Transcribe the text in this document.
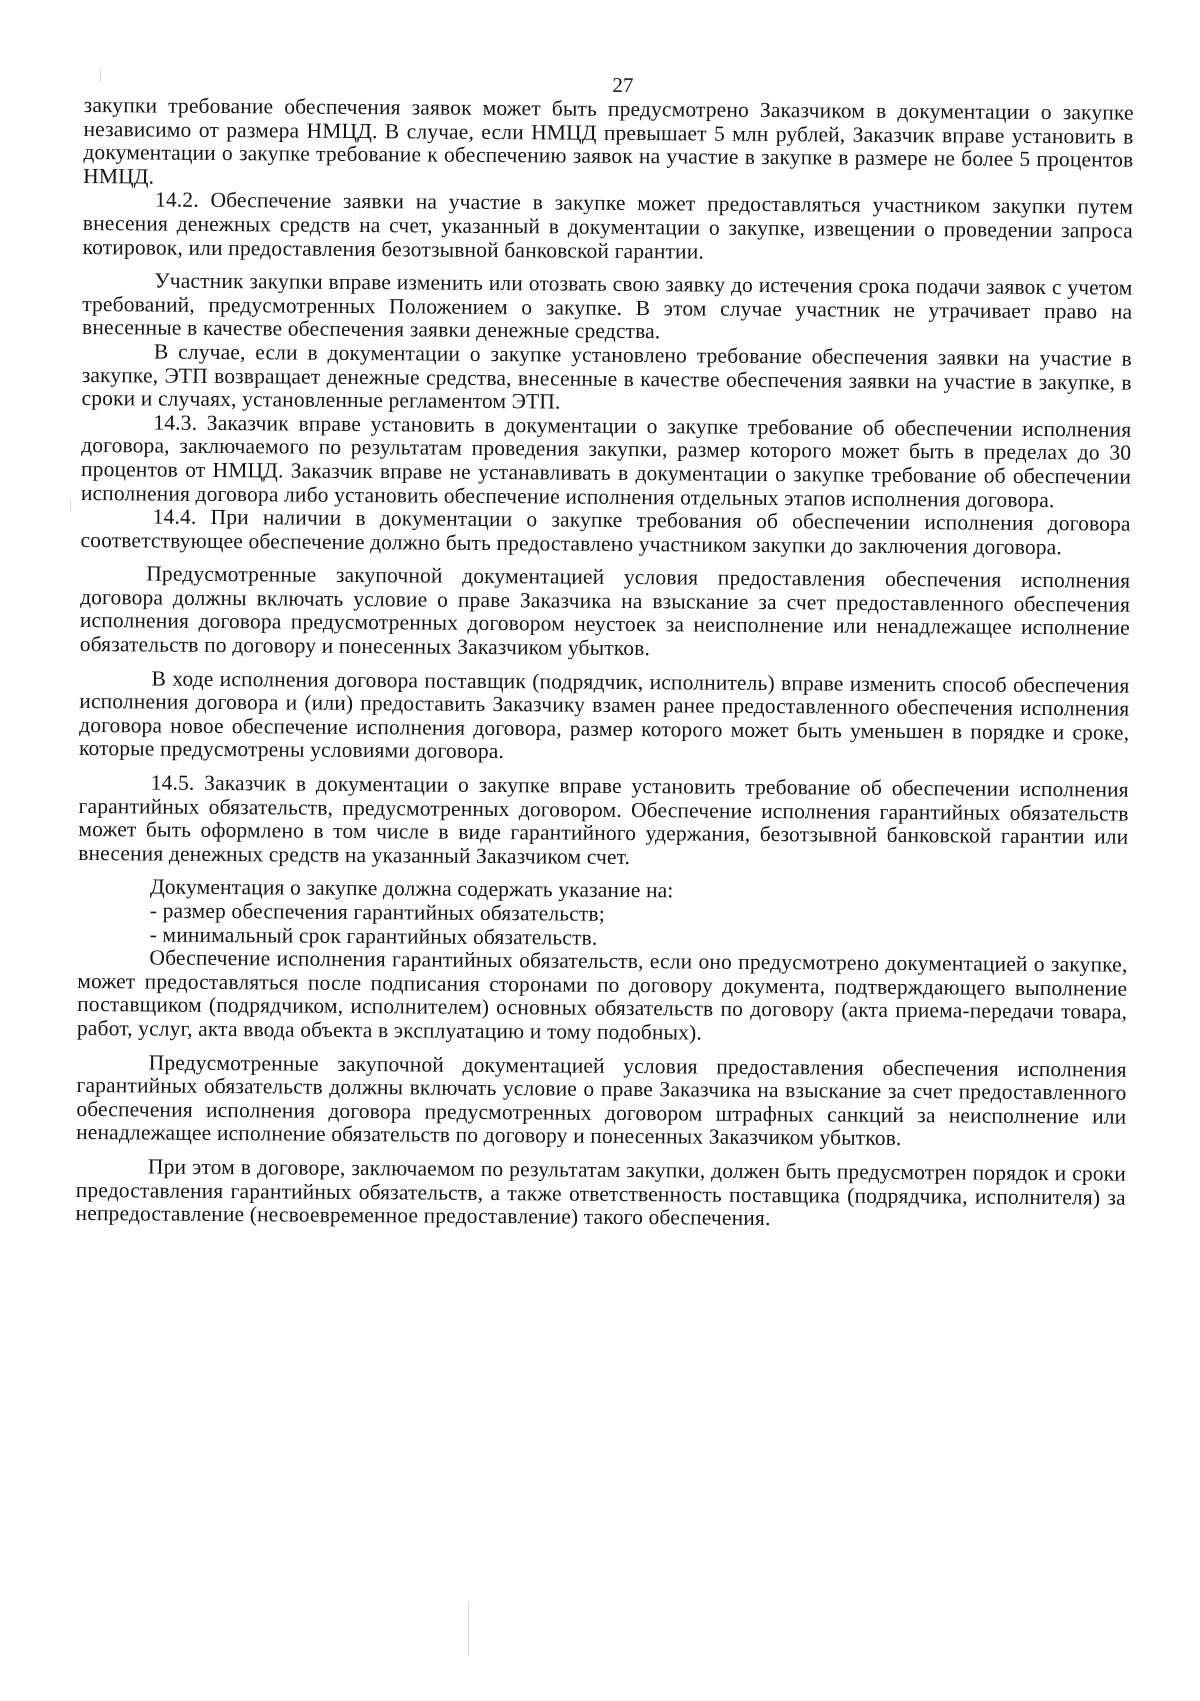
27

закупки требование обеспечения заявок может быть предусмотрено Заказчиком в документации о закупке независимо от размера НМЦД. В случае, если НМЦД превышает 5 млн рублей, Заказчик вправе установить в документации о закупке требование к обеспечению заявок на участие в закупке в размере не более 5 процентов НМЦД.

14.2. Обеспечение заявки на участие в закупке может предоставляться участником закупки путем внесения денежных средств на счет, указанный в документации о закупке, извещении о проведении запроса котировок, или предоставления безотзывной банковской гарантии.

Участник закупки вправе изменить или отозвать свою заявку до истечения срока подачи заявок с учетом требований, предусмотренных Положением о закупке. В этом случае участник не утрачивает право на внесенные в качестве обеспечения заявки денежные средства.

В случае, если в документации о закупке установлено требование обеспечения заявки на участие в закупке, ЭТП возвращает денежные средства, внесенные в качестве обеспечения заявки на участие в закупке, в сроки и случаях, установленные регламентом ЭТП.

14.3. Заказчик вправе установить в документации о закупке требование об обеспечении исполнения договора, заключаемого по результатам проведения закупки, размер которого может быть в пределах до 30 процентов от НМЦД. Заказчик вправе не устанавливать в документации о закупке требование об обеспечении исполнения договора либо установить обеспечение исполнения отдельных этапов исполнения договора.

14.4. При наличии в документации о закупке требования об обеспечении исполнения договора соответствующее обеспечение должно быть предоставлено участником закупки до заключения договора.

Предусмотренные закупочной документацией условия предоставления обеспечения исполнения договора должны включать условие о праве Заказчика на взыскание за счет предоставленного обеспечения исполнения договора предусмотренных договором неустоек за неисполнение или ненадлежащее исполнение обязательств по договору и понесенных Заказчиком убытков.

В ходе исполнения договора поставщик (подрядчик, исполнитель) вправе изменить способ обеспечения исполнения договора и (или) предоставить Заказчику взамен ранее предоставленного обеспечения исполнения договора новое обеспечение исполнения договора, размер которого может быть уменьшен в порядке и сроке, которые предусмотрены условиями договора.

14.5. Заказчик в документации о закупке вправе установить требование об обеспечении исполнения гарантийных обязательств, предусмотренных договором. Обеспечение исполнения гарантийных обязательств может быть оформлено в том числе в виде гарантийного удержания, безотзывной банковской гарантии или внесения денежных средств на указанный Заказчиком счет.

Документация о закупке должна содержать указание на:

- размер обеспечения гарантийных обязательств;

- минимальный срок гарантийных обязательств.

Обеспечение исполнения гарантийных обязательств, если оно предусмотрено документацией о закупке, может предоставляться после подписания сторонами по договору документа, подтверждающего выполнение поставщиком (подрядчиком, исполнителем) основных обязательств по договору (акта приема-передачи товара, работ, услуг, акта ввода объекта в эксплуатацию и тому подобных).

Предусмотренные закупочной документацией условия предоставления обеспечения исполнения гарантийных обязательств должны включать условие о праве Заказчика на взыскание за счет предоставленного обеспечения исполнения договора предусмотренных договором штрафных санкций за неисполнение или ненадлежащее исполнение обязательств по договору и понесенных Заказчиком убытков.

При этом в договоре, заключаемом по результатам закупки, должен быть предусмотрен порядок и сроки предоставления гарантийных обязательств, а также ответственность поставщика (подрядчика, исполнителя) за непредоставление (несвоевременное предоставление) такого обеспечения.
